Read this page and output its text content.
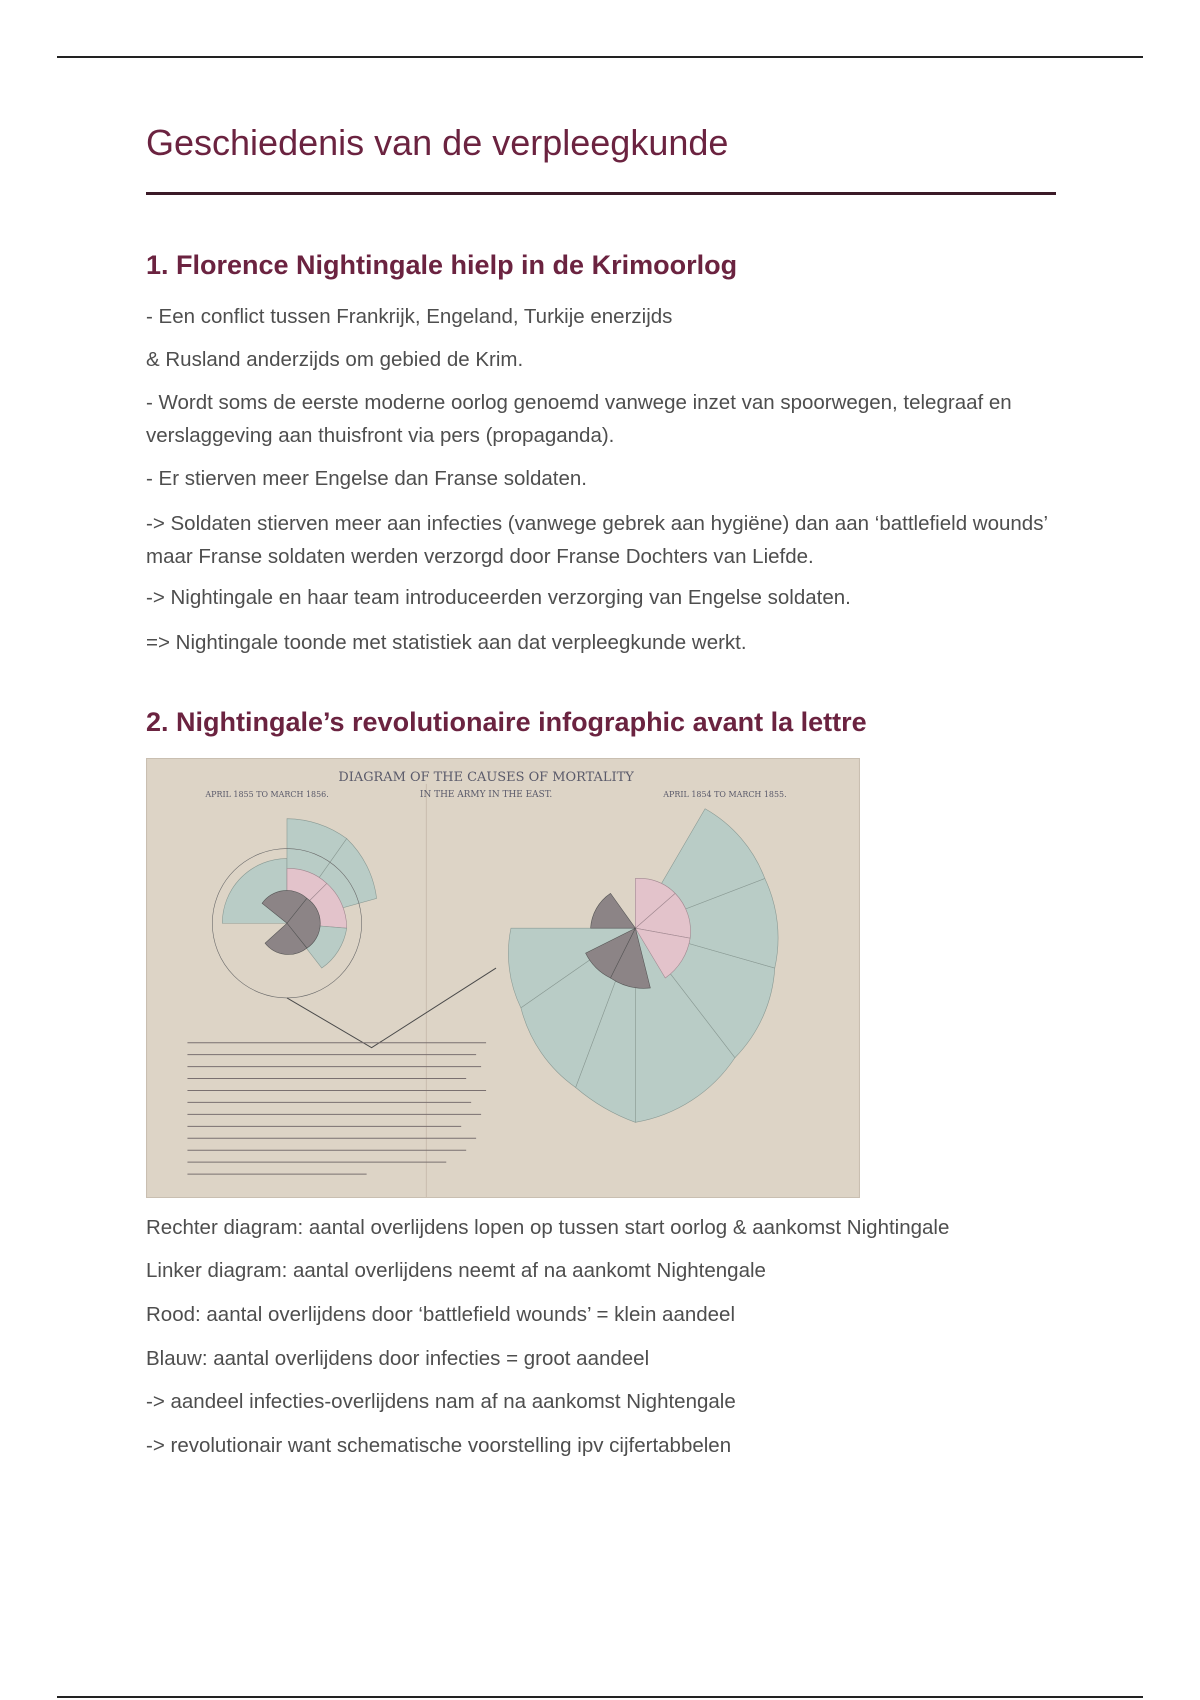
Geschiedenis van de verpleegkunde
1. Florence Nightingale hielp in de Krimoorlog

- Een conflict tussen Frankrijk, Engeland, Turkije enerzijds

& Rusland anderzijds om gebied de Krim.

- Wordt soms de eerste moderne oorlog genoemd vanwege inzet van spoorwegen, telegraaf en verslaggeving aan thuisfront via pers (propaganda).

- Er stierven meer Engelse dan Franse soldaten.

-> Soldaten stierven meer aan infecties (vanwege gebrek aan hygiëne) dan aan ‘battlefield wounds’ maar Franse soldaten werden verzorgd door Franse Dochters van Liefde.

-> Nightingale en haar team introduceerden verzorging van Engelse soldaten.

=> Nightingale toonde met statistiek aan dat verpleegkunde werkt.

2. Nightingale’s revolutionaire infographic avant la lettre
DIAGRAM OF THE CAUSES OF MORTALITY
IN THE ARMY IN THE EAST.
APRIL 1855 TO MARCH 1856.	APRIL 1854 TO MARCH 1855.

Rechter diagram: aantal overlijdens lopen op tussen start oorlog & aankomst Nightingale

Linker diagram: aantal overlijdens neemt af na aankomt Nightengale

Rood: aantal overlijdens door ‘battlefield wounds’ = klein aandeel

Blauw: aantal overlijdens door infecties = groot aandeel

-> aandeel infecties-overlijdens nam af na aankomst Nightengale

-> revolutionair want schematische voorstelling ipv cijfertabbelen
